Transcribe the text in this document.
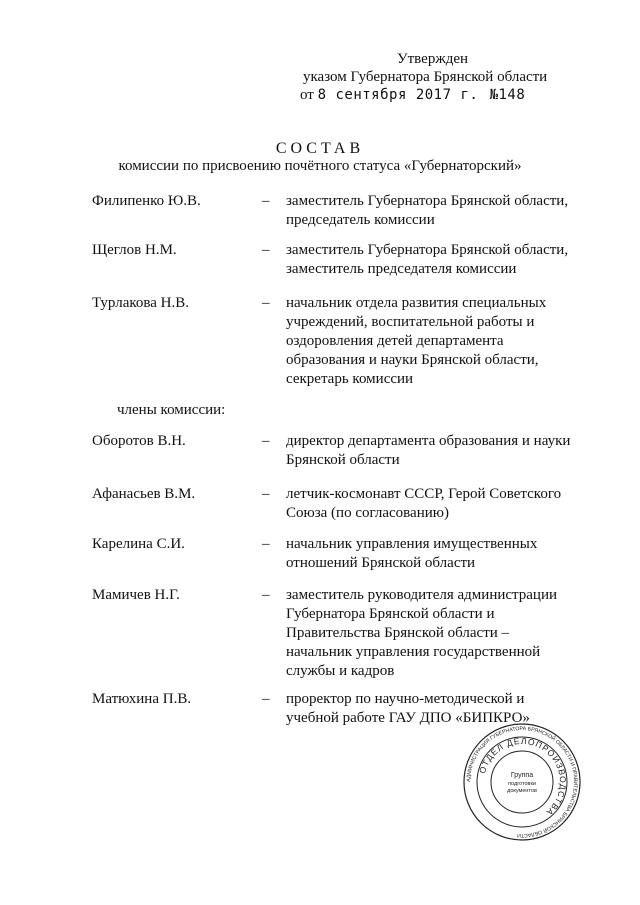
Утвержден
указом Губернатора Брянской области
от 8 сентября 2017 г. №148
СОСТАВ
комиссии по присвоению почётного статуса «Губернаторский»
Филипенко Ю.В.	– заместитель Губернатора Брянской области, председатель комиссии
Щеглов Н.М.	– заместитель Губернатора Брянской области, заместитель председателя комиссии
Турлакова Н.В.	– начальник отдела развития специальных учреждений, воспитательной работы и оздоровления детей департамента образования и науки Брянской области, секретарь комиссии
члены комиссии:
Оборотов В.Н.	– директор департамента образования и науки Брянской области
Афанасьев В.М.	– летчик-космонавт СССР, Герой Советского Союза (по согласованию)
Карелина С.И.	– начальник управления имущественных отношений Брянской области
Мамичев Н.Г.	– заместитель руководителя администрации Губернатора Брянской области и Правительства Брянской области – начальник управления государственной службы и кадров
Матюхина П.В.	– проректор по научно-методической и учебной работе ГАУ ДПО «БИПКРО»
АДМИНИСТРАЦИЯ ГУБЕРНАТОРА БРЯНСКОЙ ОБЛАСТИ И ПРАВИТЕЛЬСТВА БРЯНСКОЙ ОБЛАСТИ
ОТДЕЛ ДЕЛОПРОИЗВОДСТВА
Группа
подготовки
документов
